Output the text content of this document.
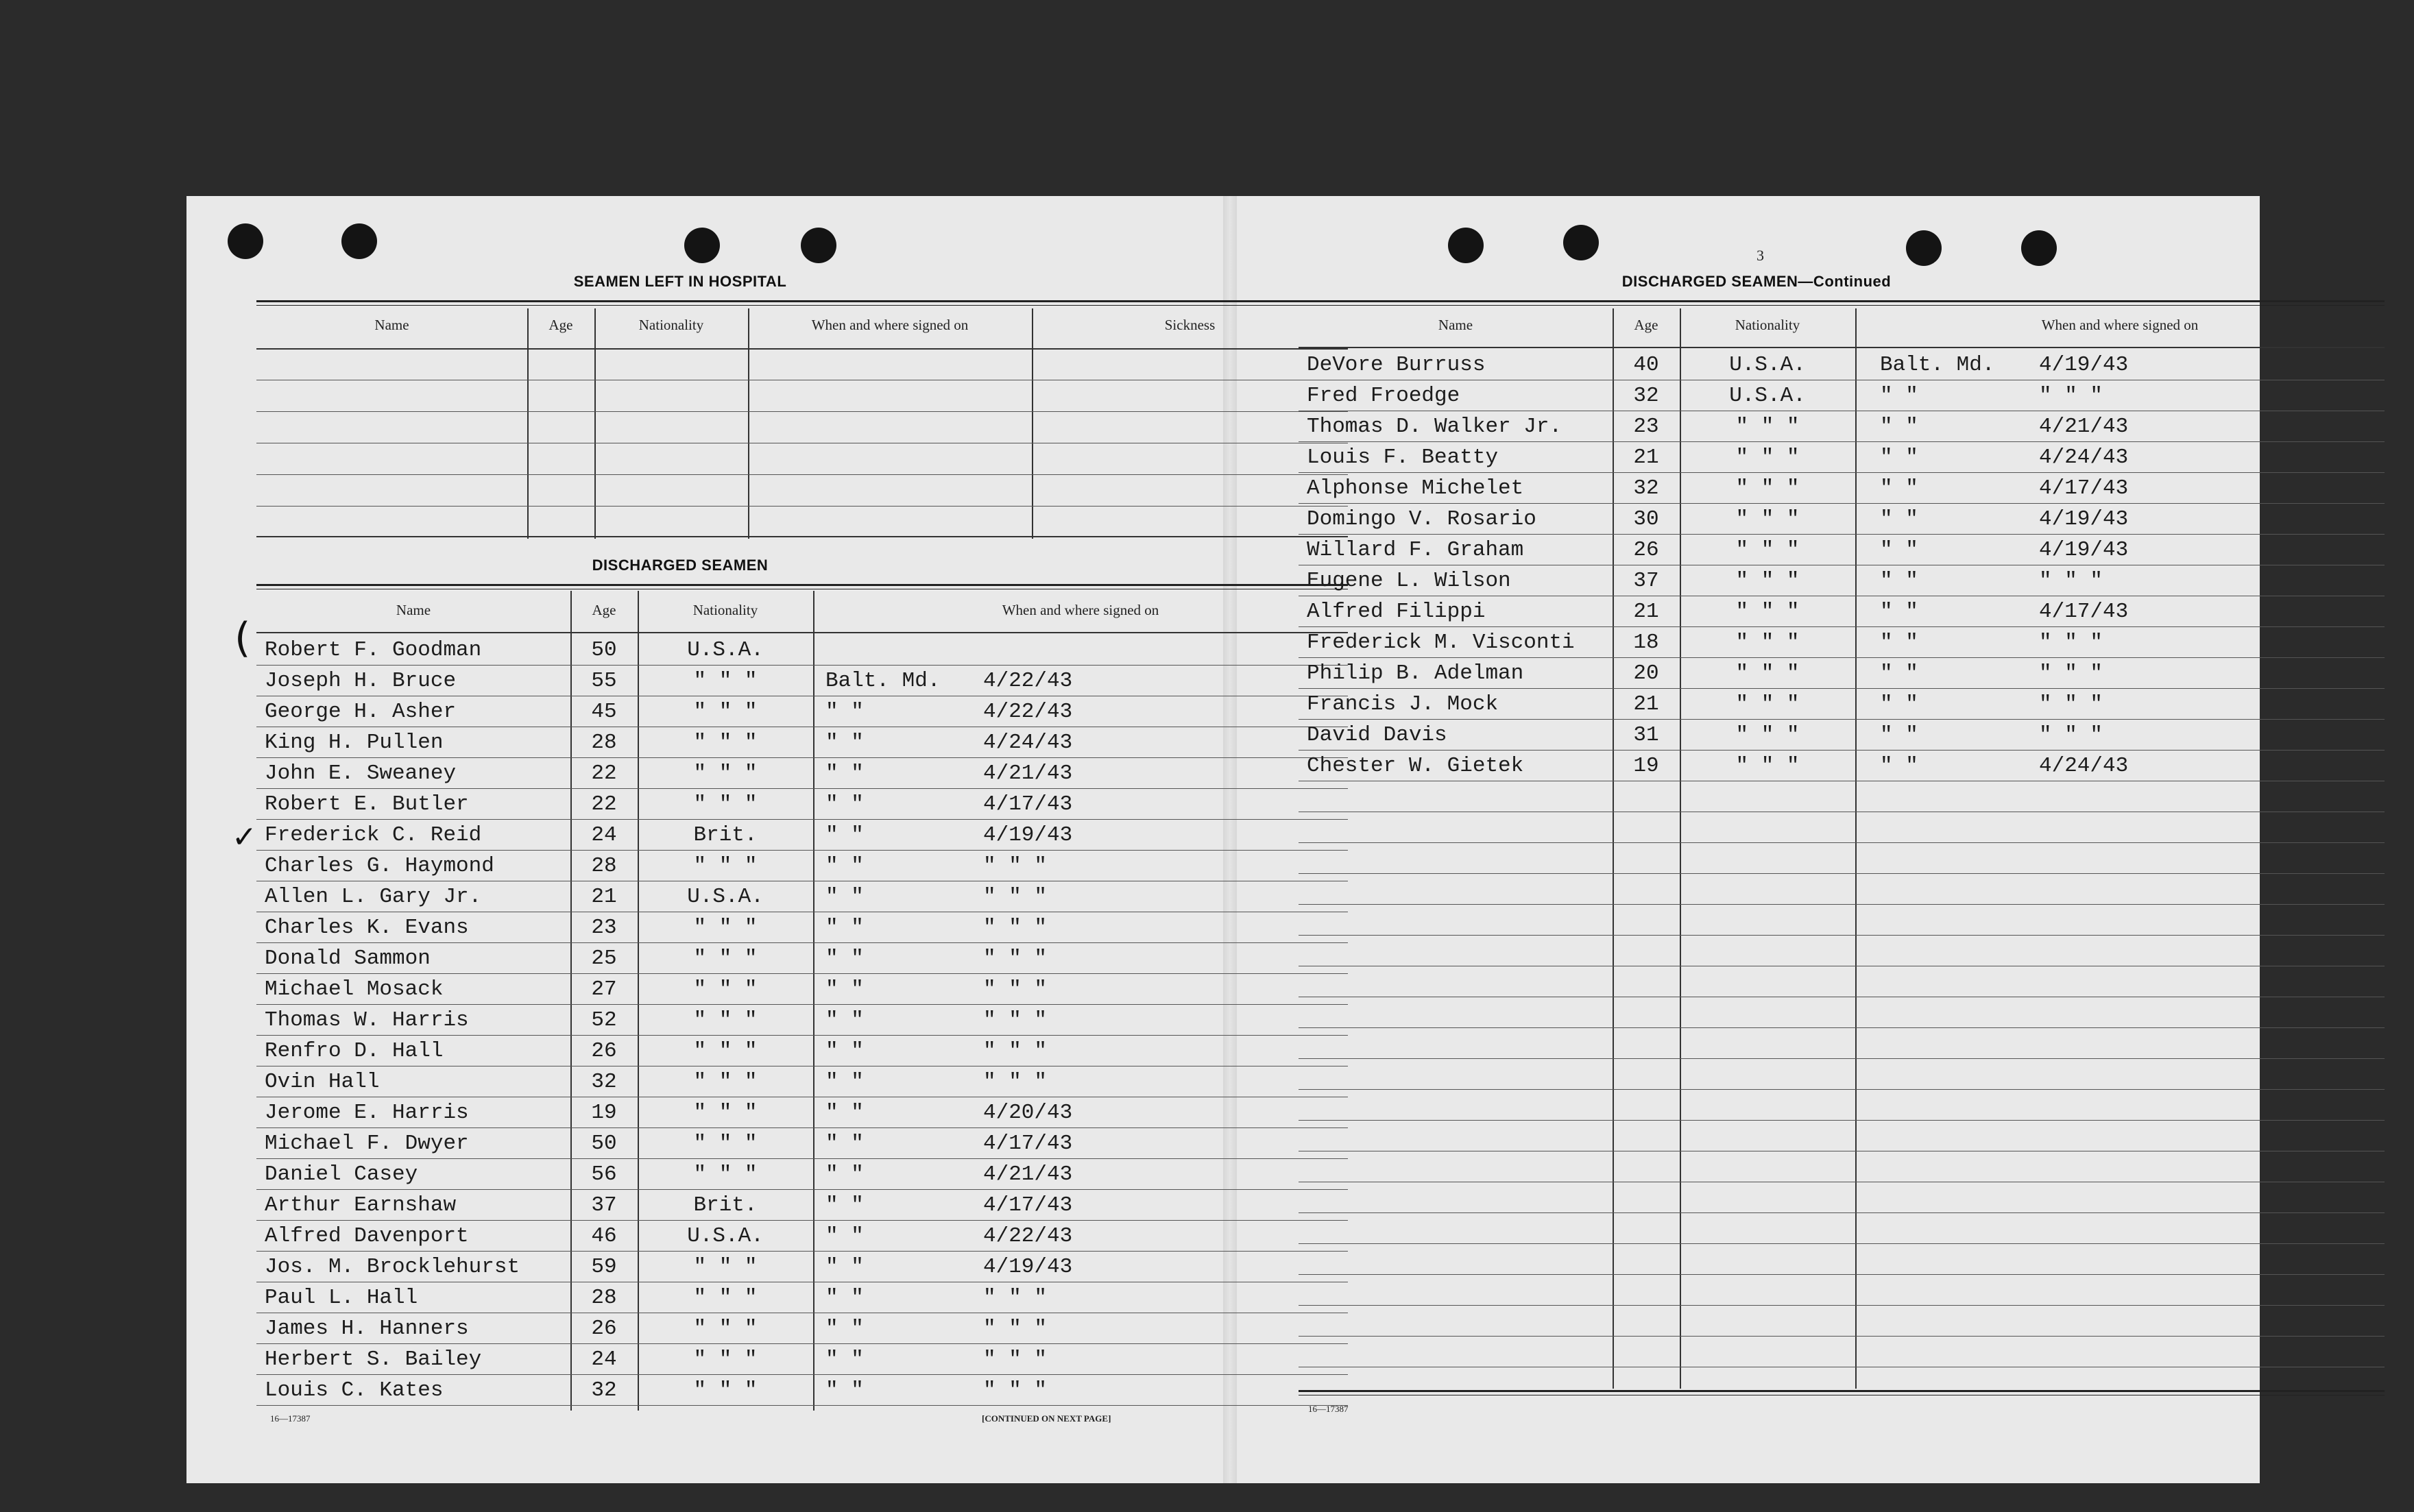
SEAMEN LEFT IN HOSPITAL
Name	Age	Nationality	When and where signed on	Sickness
DISCHARGED SEAMEN
Name	Age	Nationality	When and where signed on
Robert F. Goodman	50	U.S.A.
Joseph H. Bruce	55	" " "	Balt. Md.	4/22/43
George H. Asher	45	" " "	" "	4/22/43
King H. Pullen	28	" " "	" "	4/24/43
John E. Sweaney	22	" " "	" "	4/21/43
Robert E. Butler	22	" " "	" "	4/17/43
Frederick C. Reid	24	Brit.	" "	4/19/43
Charles G. Haymond	28	" " "	" "	" " "
Allen L. Gary Jr.	21	U.S.A.	" "	" " "
Charles K. Evans	23	" " "	" "	" " "
Donald Sammon	25	" " "	" "	" " "
Michael Mosack	27	" " "	" "	" " "
Thomas W. Harris	52	" " "	" "	" " "
Renfro D. Hall	26	" " "	" "	" " "
Ovin Hall	32	" " "	" "	" " "
Jerome E. Harris	19	" " "	" "	4/20/43
Michael F. Dwyer	50	" " "	" "	4/17/43
Daniel Casey	56	" " "	" "	4/21/43
Arthur Earnshaw	37	Brit.	" "	4/17/43
Alfred Davenport	46	U.S.A.	" "	4/22/43
Jos. M. Brocklehurst	59	" " "	" "	4/19/43
Paul L. Hall	28	" " "	" "	" " "
James H. Hanners	26	" " "	" "	" " "
Herbert S. Bailey	24	" " "	" "	" " "
Louis C. Kates	32	" " "	" "	" " "
16—17387	[CONTINUED ON NEXT PAGE]
✓
(
3
DISCHARGED SEAMEN—Continued
Name	Age	Nationality	When and where signed on
DeVore Burruss	40	U.S.A.	Balt. Md.	4/19/43
Fred Froedge	32	U.S.A.	" "	" " "
Thomas D. Walker Jr.	23	" " "	" "	4/21/43
Louis F. Beatty	21	" " "	" "	4/24/43
Alphonse Michelet	32	" " "	" "	4/17/43
Domingo V. Rosario	30	" " "	" "	4/19/43
Willard F. Graham	26	" " "	" "	4/19/43
Eugene L. Wilson	37	" " "	" "	" " "
Alfred Filippi	21	" " "	" "	4/17/43
Frederick M. Visconti	18	" " "	" "	" " "
Philip B. Adelman	20	" " "	" "	" " "
Francis J. Mock	21	" " "	" "	" " "
David Davis	31	" " "	" "	" " "
Chester W. Gietek	19	" " "	" "	4/24/43
16—17387
